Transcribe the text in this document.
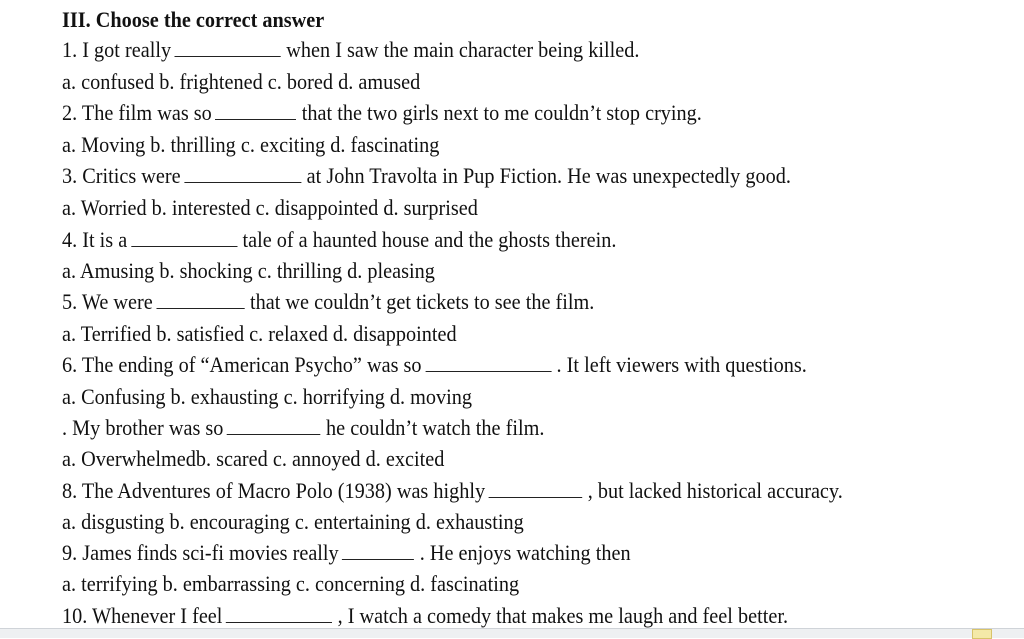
III. Choose the correct answer
1. I got really	when I saw the main character being killed.
a. confused b. frightened c. bored d. amused
2. The film was so	that the two girls next to me couldn’t stop crying.
a. Moving b. thrilling c. exciting d. fascinating
3. Critics were	at John Travolta in Pup Fiction. He was unexpectedly good.
a. Worried b. interested c. disappointed d. surprised
4. It is a	tale of a haunted house and the ghosts therein.
a. Amusing b. shocking c. thrilling d. pleasing
5. We were	that we couldn’t get tickets to see the film.
a. Terrified b. satisfied c. relaxed d. disappointed
6. The ending of “American Psycho” was so	. It left viewers with questions.
a. Confusing b. exhausting c. horrifying d. moving
. My brother was so	he couldn’t watch the film.
a. Overwhelmedb. scared c. annoyed d. excited
8. The Adventures of Macro Polo (1938) was highly	, but lacked historical accuracy.
a. disgusting b. encouraging c. entertaining d. exhausting
9. James finds sci-fi movies really	. He enjoys watching then
a. terrifying b. embarrassing c. concerning d. fascinating
10. Whenever I feel	, I watch a comedy that makes me laugh and feel better.
